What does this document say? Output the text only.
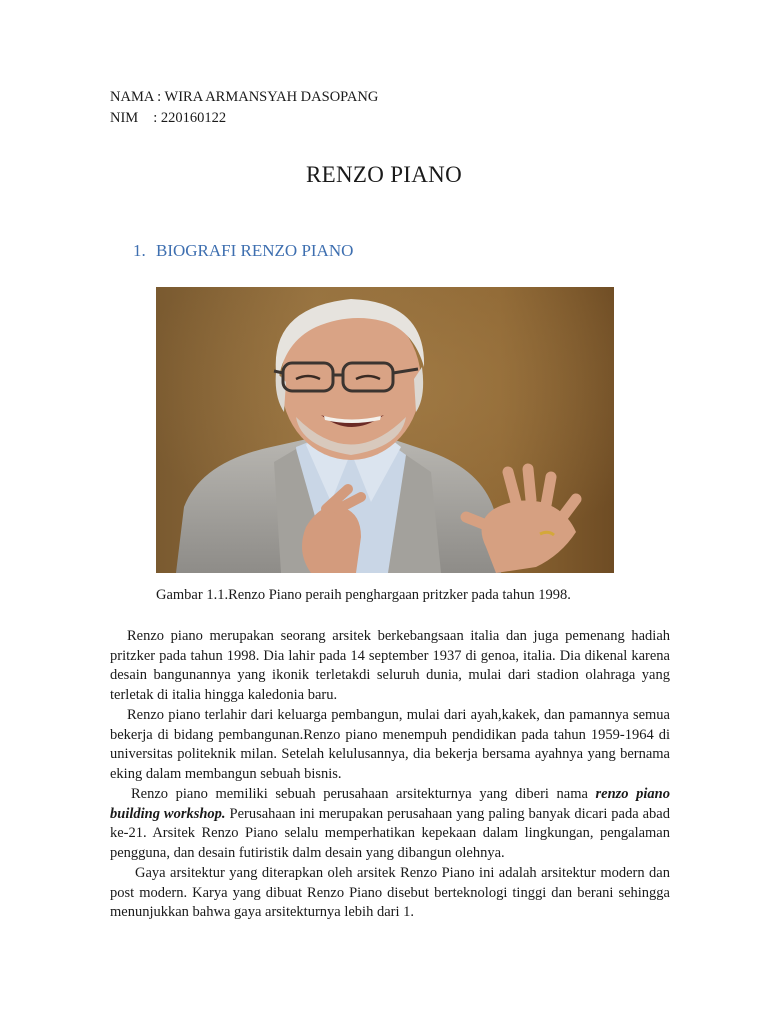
NAMA : WIRA ARMANSYAH DASOPANG
NIM : 220160122
RENZO PIANO
1. BIOGRAFI RENZO PIANO
Gambar 1.1.Renzo Piano peraih penghargaan pritzker pada tahun 1998.
Renzo piano merupakan seorang arsitek berkebangsaan italia dan juga pemenang hadiah pritzker pada tahun 1998. Dia lahir pada 14 september 1937 di genoa, italia. Dia dikenal karena desain bangunannya yang ikonik terletakdi seluruh dunia, mulai dari stadion olahraga yang terletak di italia hingga kaledonia baru.
Renzo piano terlahir dari keluarga pembangun, mulai dari ayah,kakek, dan pamannya semua bekerja di bidang pembangunan.Renzo piano menempuh pendidikan pada tahun 1959-1964 di universitas politeknik milan. Setelah kelulusannya, dia bekerja bersama ayahnya yang bernama eking dalam membangun sebuah bisnis.
Renzo piano memiliki sebuah perusahaan arsitekturnya yang diberi nama renzo piano building workshop. Perusahaan ini merupakan perusahaan yang paling banyak dicari pada abad ke-21. Arsitek Renzo Piano selalu memperhatikan kepekaan dalam lingkungan, pengalaman pengguna, dan desain futiristik dalm desain yang dibangun olehnya.
Gaya arsitektur yang diterapkan oleh arsitek Renzo Piano ini adalah arsitektur modern dan post modern. Karya yang dibuat Renzo Piano disebut berteknologi tinggi dan berani sehingga menunjukkan bahwa gaya arsitekturnya lebih dari 1.
